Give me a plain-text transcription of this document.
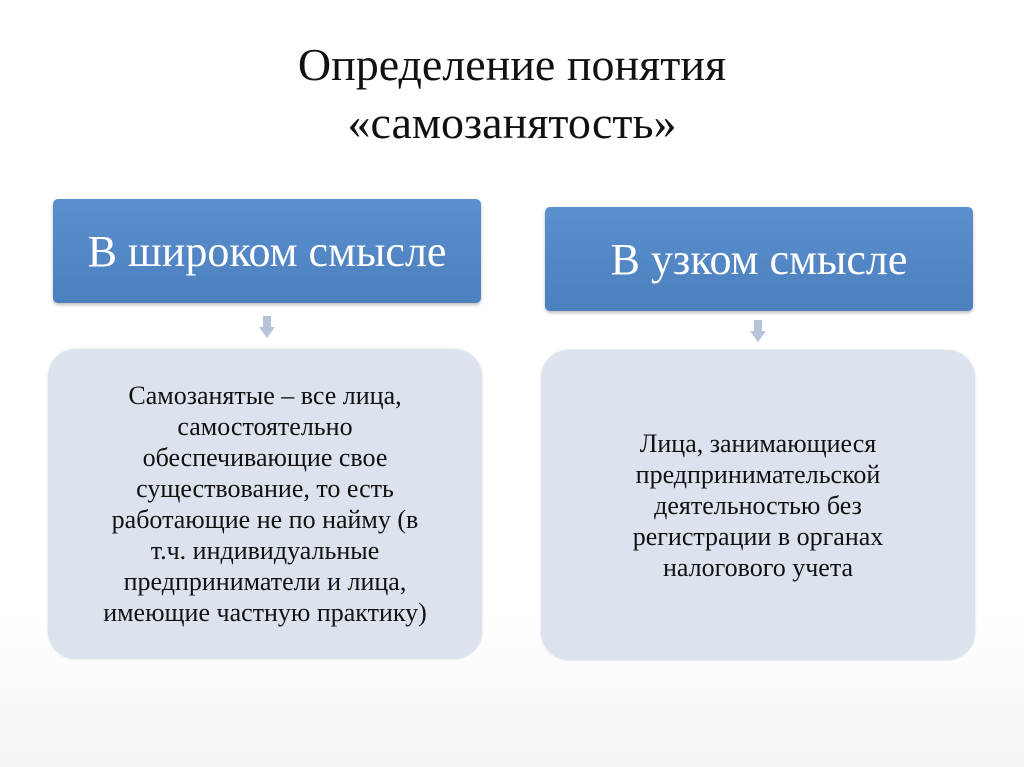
Определение понятия
«самозанятость»
В широком смысле	В узком смысле
Самозанятые – все лица,
самостоятельно
обеспечивающие свое
существование, то есть
работающие не по найму (в
т.ч. индивидуальные
предприниматели и лица,
имеющие частную практику)
Лица, занимающиеся
предпринимательской
деятельностью без
регистрации в органах
налогового учета
